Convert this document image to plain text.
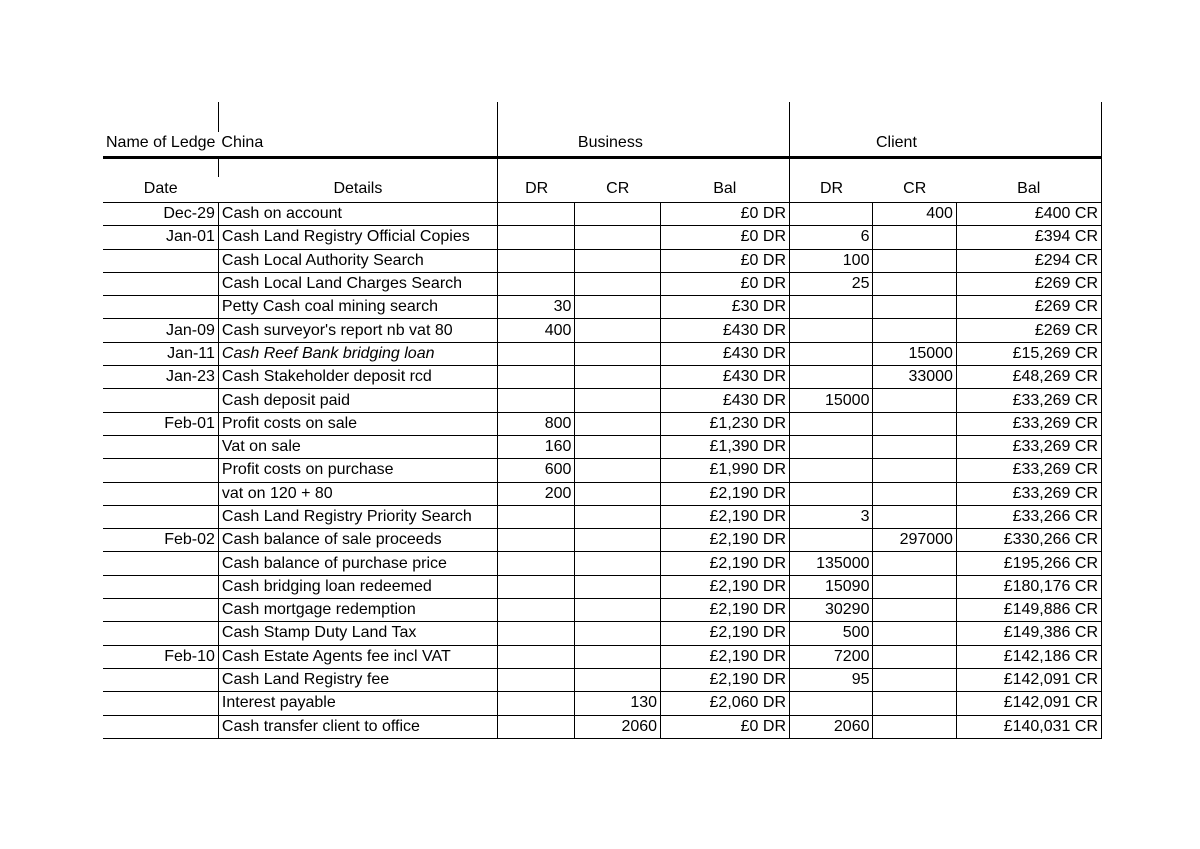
Name of Ledge	China		Business			Client	

Date	Details	DR	CR	Bal	DR	CR	Bal
Dec-29	Cash on account			£0 DR		400	£400 CR
Jan-01	Cash Land Registry Official Copies			£0 DR	6		£394 CR
	Cash Local Authority Search			£0 DR	100		£294 CR
	Cash Local Land Charges Search			£0 DR	25		£269 CR
	Petty Cash coal mining search	30		£30 DR			£269 CR
Jan-09	Cash surveyor's report nb vat 80	400		£430 DR			£269 CR
Jan-11	Cash Reef Bank bridging loan			£430 DR		15000	£15,269 CR
Jan-23	Cash Stakeholder deposit rcd			£430 DR		33000	£48,269 CR
	Cash deposit paid			£430 DR	15000		£33,269 CR
Feb-01	Profit costs on sale	800		£1,230 DR			£33,269 CR
	Vat on sale	160		£1,390 DR			£33,269 CR
	Profit costs on purchase	600		£1,990 DR			£33,269 CR
	vat on 120 + 80	200		£2,190 DR			£33,269 CR
	Cash Land Registry Priority Search			£2,190 DR	3		£33,266 CR
Feb-02	Cash balance of sale proceeds			£2,190 DR		297000	£330,266 CR
	Cash balance of purchase price			£2,190 DR	135000		£195,266 CR
	Cash bridging loan redeemed			£2,190 DR	15090		£180,176 CR
	Cash mortgage redemption			£2,190 DR	30290		£149,886 CR
	Cash Stamp Duty Land Tax			£2,190 DR	500		£149,386 CR
Feb-10	Cash Estate Agents fee incl VAT			£2,190 DR	7200		£142,186 CR
	Cash Land Registry fee			£2,190 DR	95		£142,091 CR
	Interest payable		130	£2,060 DR			£142,091 CR
	Cash transfer client to office		2060	£0 DR	2060		£140,031 CR
